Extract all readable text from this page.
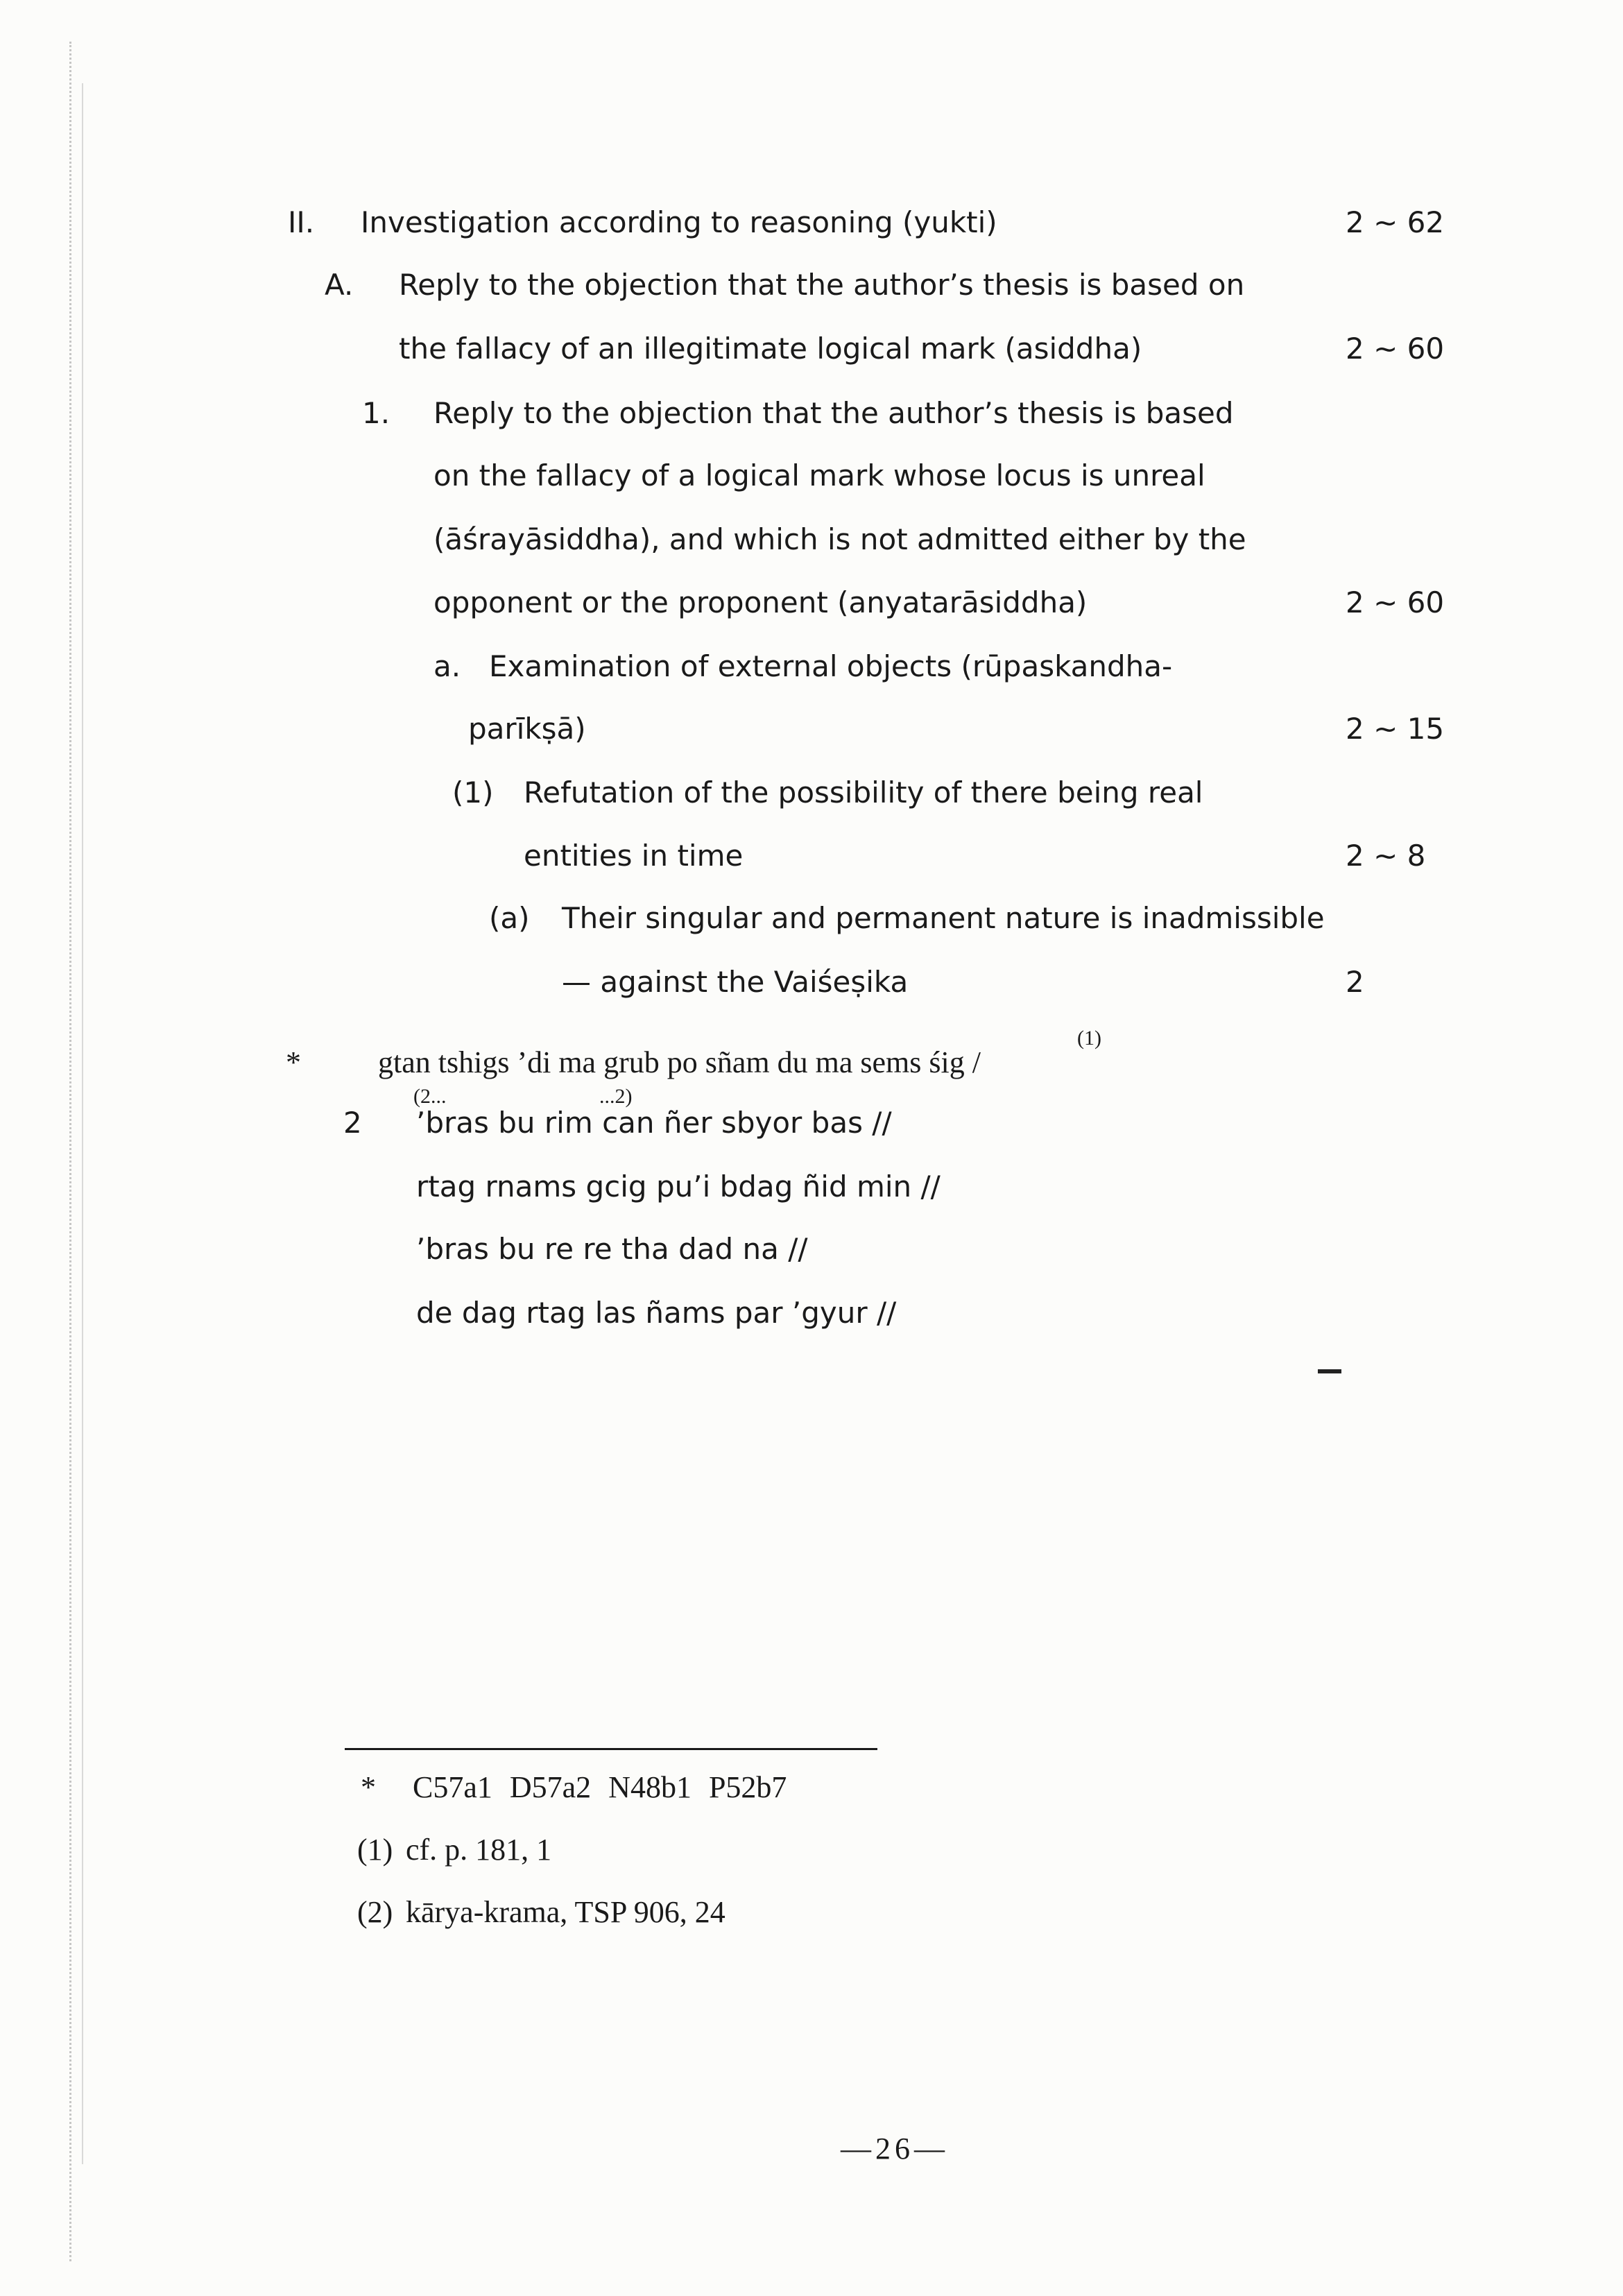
II. Investigation according to reasoning (yukti)	2 ~ 62
A. Reply to the objection that the author’s thesis is based on
the fallacy of an illegitimate logical mark (asiddha)	2 ~ 60
1. Reply to the objection that the author’s thesis is based
on the fallacy of a logical mark whose locus is unreal
(āśrayāsiddha), and which is not admitted either by the
opponent or the proponent (anyatarāsiddha)	2 ~ 60
a. Examination of external objects (rūpaskandha-
parīkṣā)	2 ~ 15
(1) Refutation of the possibility of there being real
entities in time	2 ~ 8
(a) Their singular and permanent nature is inadmissible
— against the Vaiśeṣika	2
*	gtan tshigs ’di ma grub po sñam du ma sems śig /
(1)
(2...	...2)
2 ’bras bu rim can ñer sbyor bas //
rtag rnams gcig pu’i bdag ñid min //
’bras bu re re tha dad na //
de dag rtag las ñams par ’gyur //
* C57a1 D57a2 N48b1 P52b7
(1) cf. p. 181, 1
(2) kārya-krama, TSP 906, 24
—26—
